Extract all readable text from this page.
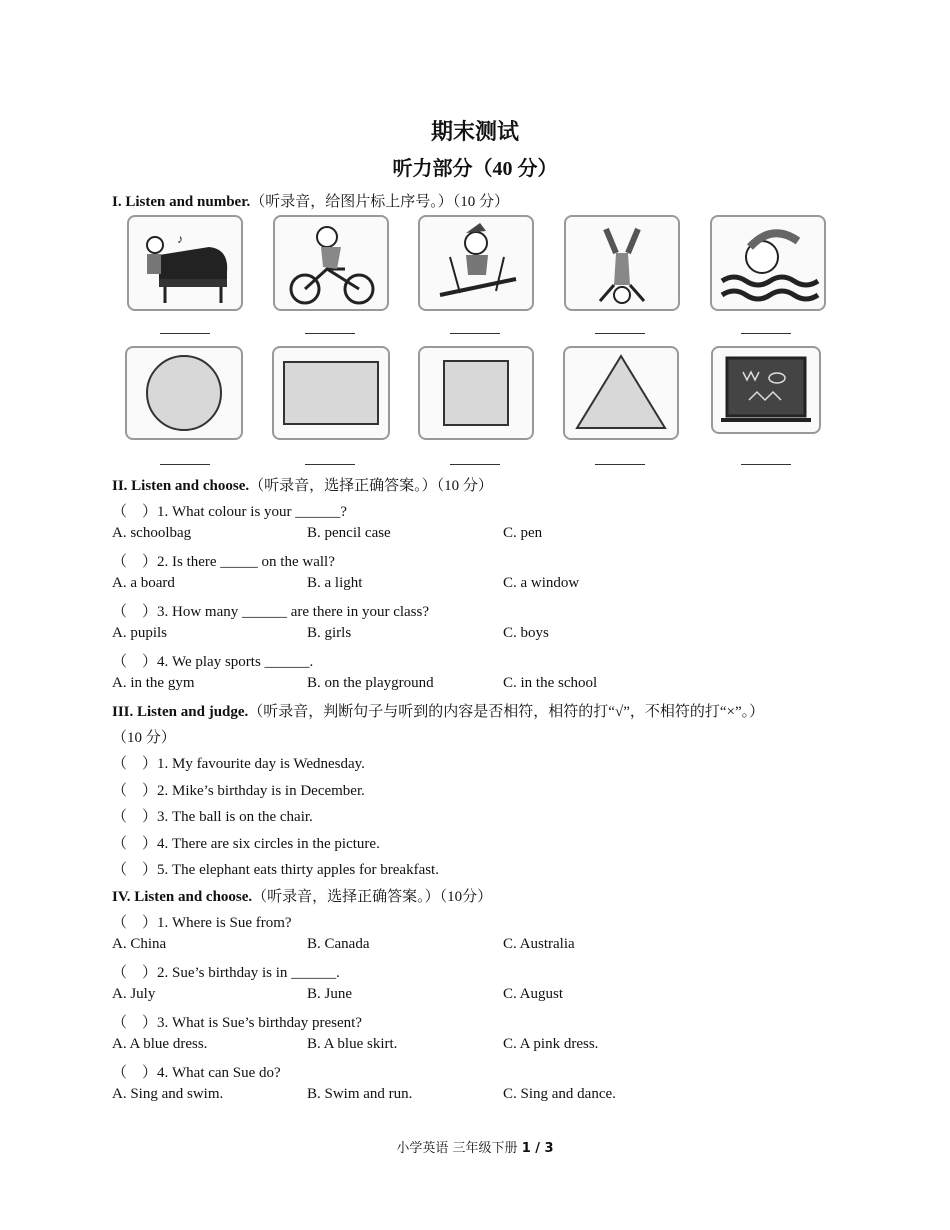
期末测试
听力部分（40 分）
I. Listen and number.（听录音，给图片标上序号。）（10 分）
♪
II. Listen and choose.（听录音，选择正确答案。）（10 分）
（　）1. What colour is your ______?
A. schoolbag	B. pencil case	C. pen
（　）2. Is there _____ on the wall?
A. a board	B. a light	C. a window
（　）3. How many ______ are there in your class?
A. pupils	B. girls	C. boys
（　）4. We play sports ______.
A. in the gym	B. on the playground	C. in the school
III. Listen and judge.（听录音，判断句子与听到的内容是否相符，相符的打“√”，不相符的打“×”。）
（10 分）
（　）1. My favourite day is Wednesday.
（　）2. Mike’s birthday is in December.
（　）3. The ball is on the chair.
（　）4. There are six circles in the picture.
（　）5. The elephant eats thirty apples for breakfast.
IV. Listen and choose.（听录音，选择正确答案。）（10分）
（　）1. Where is Sue from?
A. China	B. Canada	C. Australia
（　）2. Sue’s birthday is in ______.
A. July	B. June	C. August
（　）3. What is Sue’s birthday present?
A. A blue dress.	B. A blue skirt.	C. A pink dress.
（　）4. What can Sue do?
A. Sing and swim.	B. Swim and run.	C. Sing and dance.
小学英语 三年级下册 1 / 3
